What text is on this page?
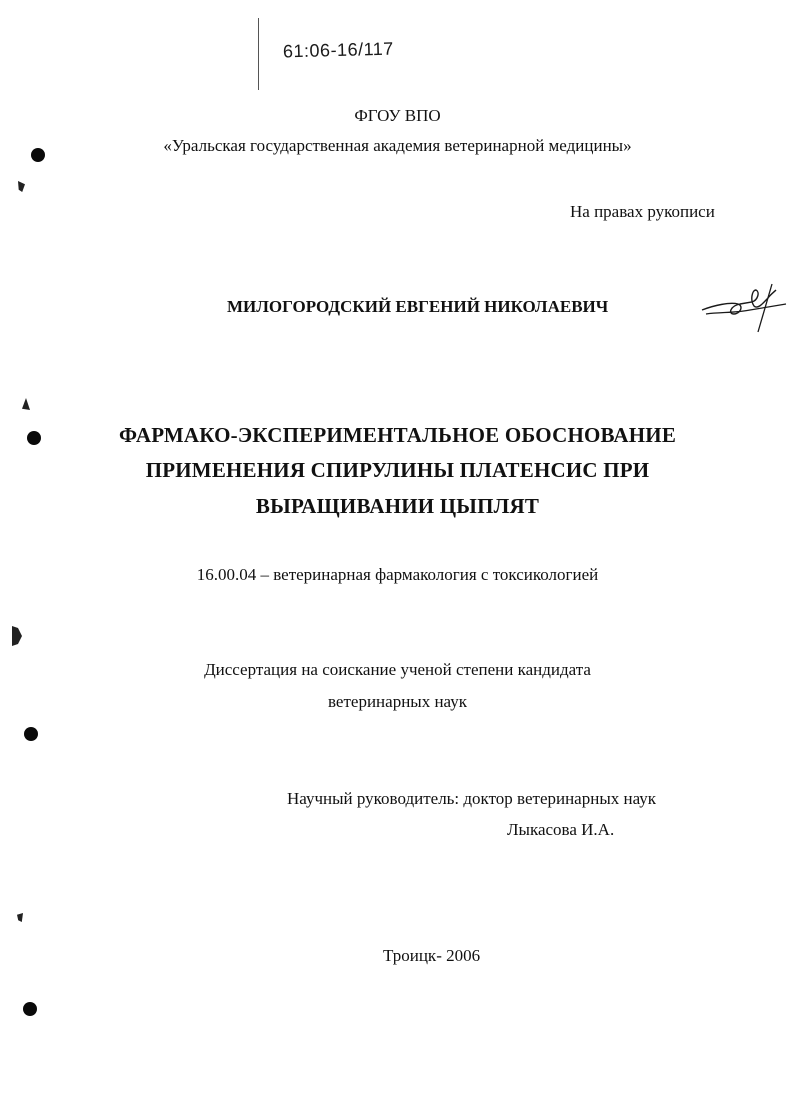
61:06-16/117
ФГОУ ВПО
«Уральская государственная академия ветеринарной медицины»
На правах рукописи
МИЛОГОРОДСКИЙ ЕВГЕНИЙ НИКОЛАЕВИЧ
ФАРМАКО-ЭКСПЕРИМЕНТАЛЬНОЕ ОБОСНОВАНИЕ
ПРИМЕНЕНИЯ СПИРУЛИНЫ ПЛАТЕНСИС ПРИ
ВЫРАЩИВАНИИ ЦЫПЛЯТ
16.00.04 – ветеринарная фармакология с токсикологией
Диссертация на соискание ученой степени кандидата
ветеринарных наук
Научный руководитель: доктор ветеринарных наук
Лыкасова И.А.
Троицк- 2006
